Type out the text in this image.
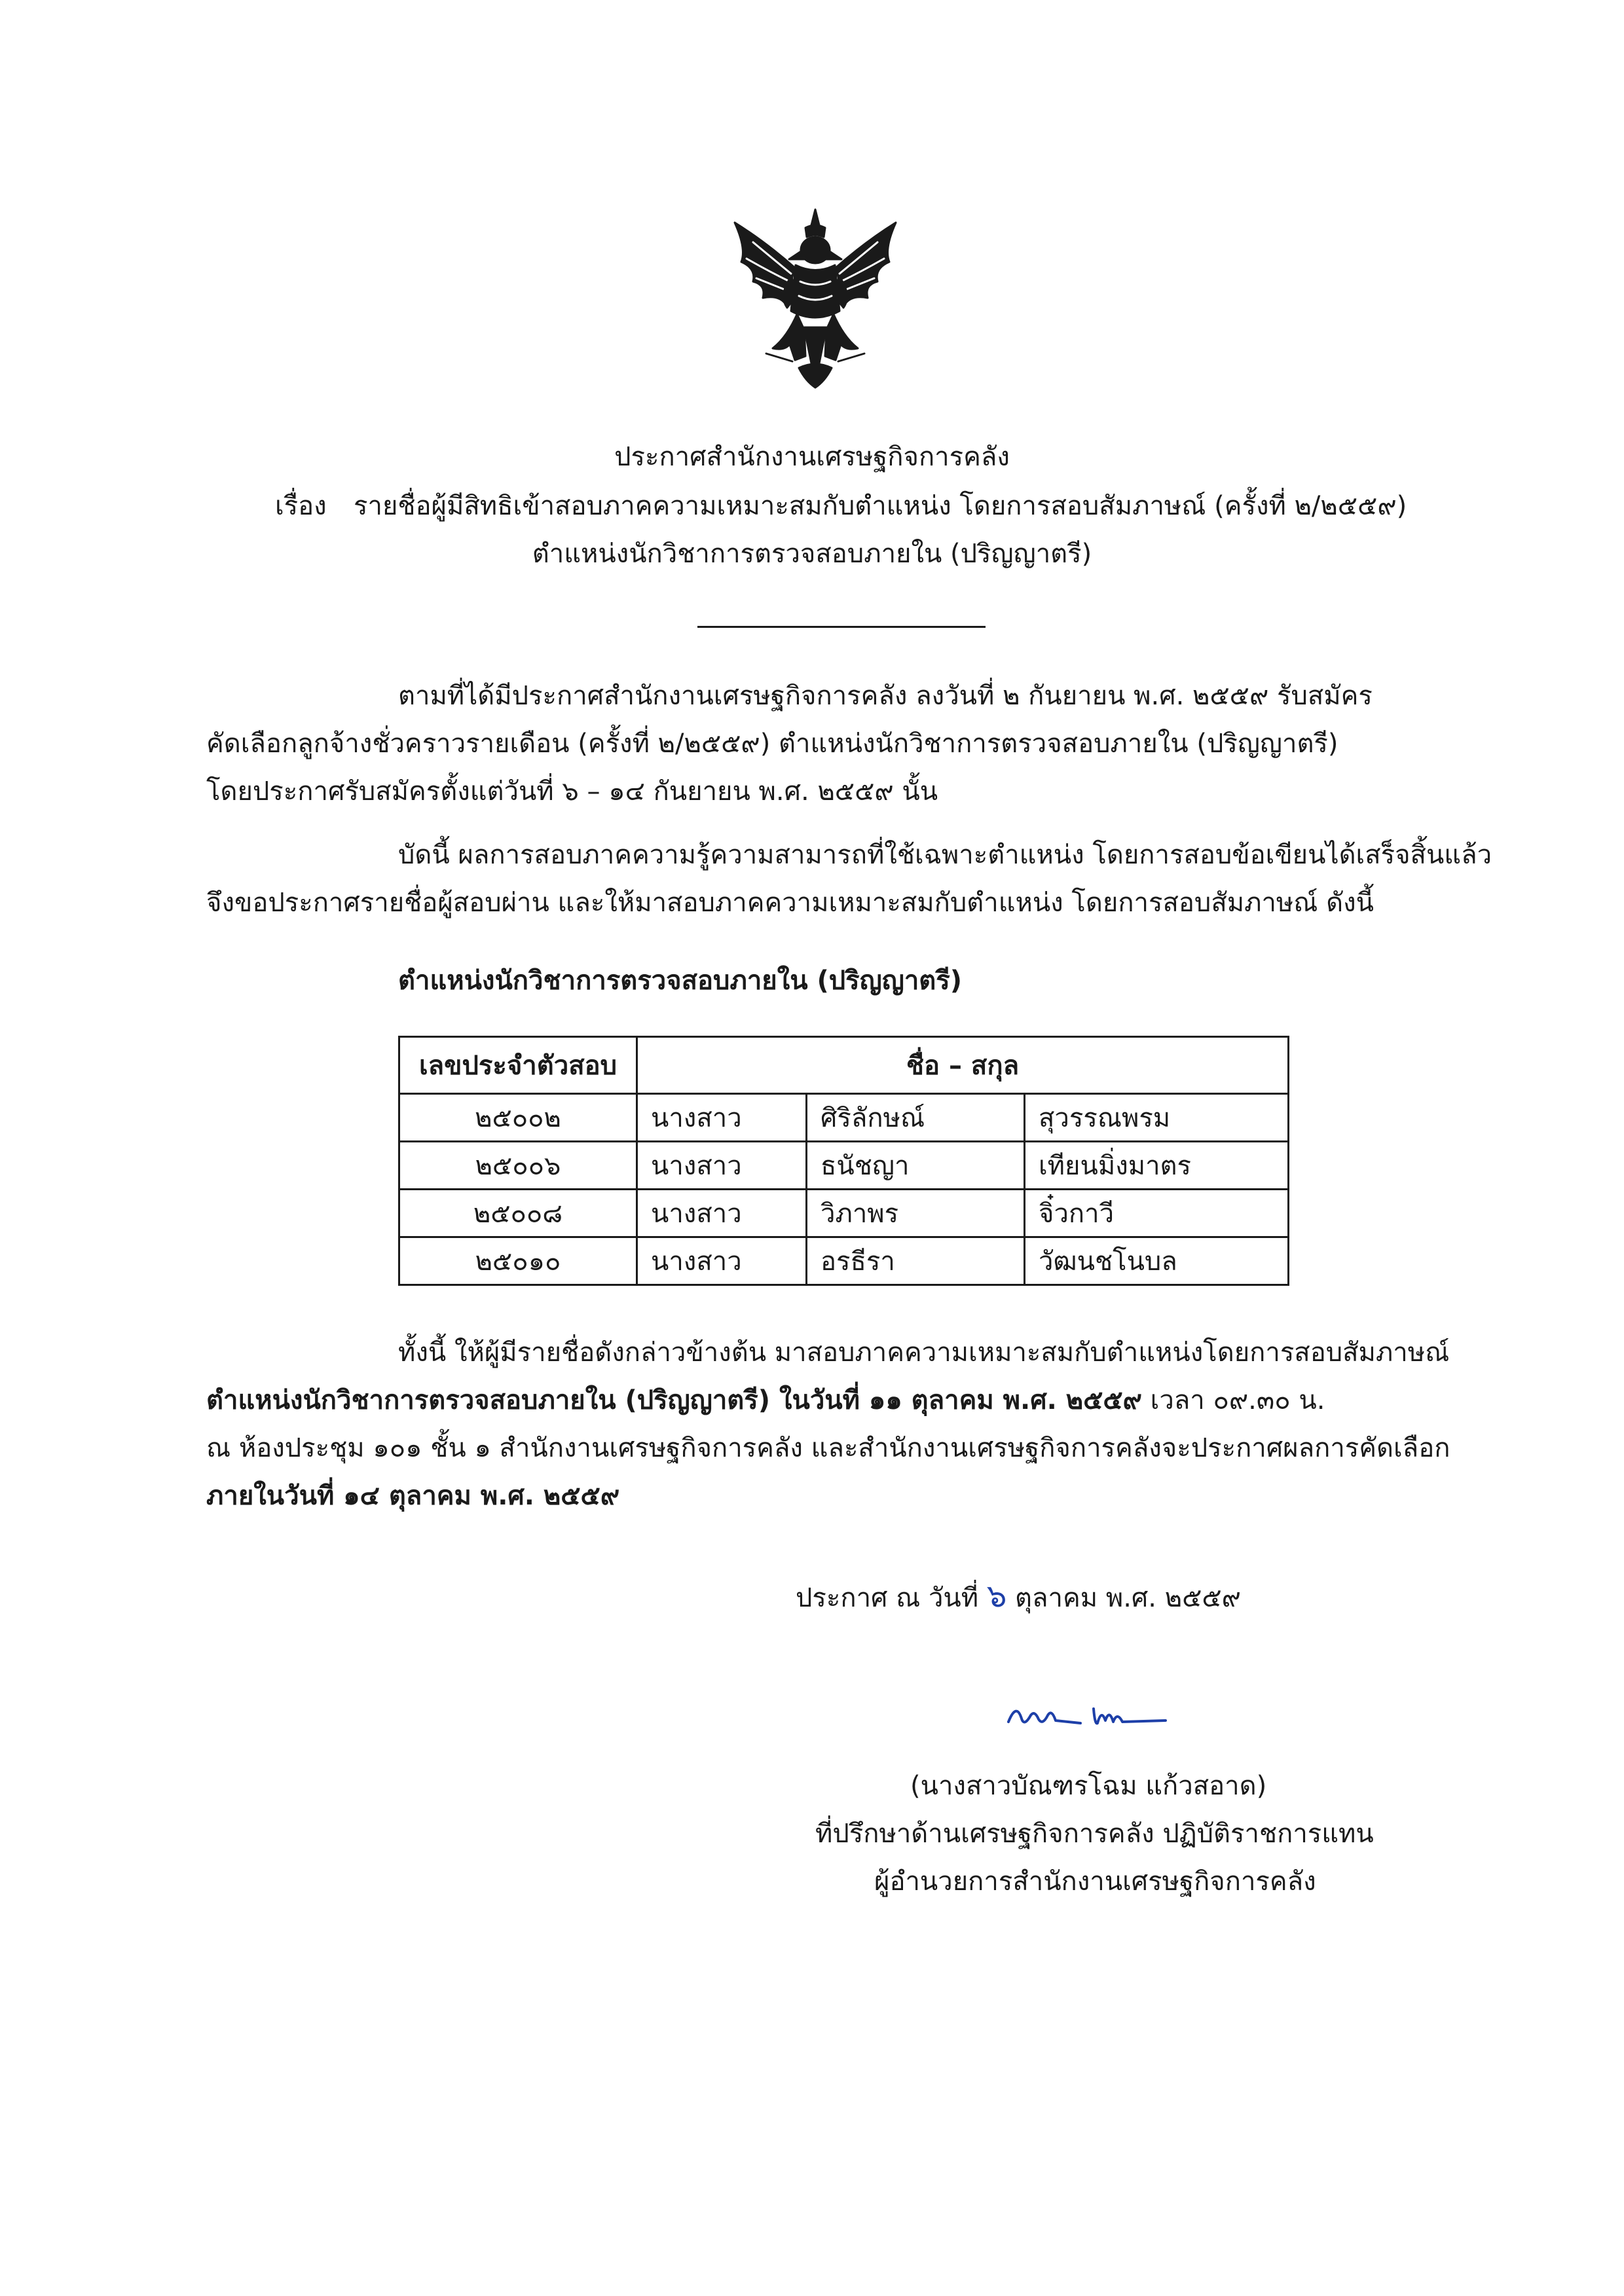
ประกาศสำนักงานเศรษฐกิจการคลัง
เรื่อง รายชื่อผู้มีสิทธิเข้าสอบภาคความเหมาะสมกับตำแหน่ง โดยการสอบสัมภาษณ์ (ครั้งที่ ๒/๒๕๕๙)
ตำแหน่งนักวิชาการตรวจสอบภายใน (ปริญญาตรี)
ตามที่ได้มีประกาศสำนักงานเศรษฐกิจการคลัง ลงวันที่ ๒ กันยายน พ.ศ. ๒๕๕๙ รับสมัคร
คัดเลือกลูกจ้างชั่วคราวรายเดือน (ครั้งที่ ๒/๒๕๕๙) ตำแหน่งนักวิชาการตรวจสอบภายใน (ปริญญาตรี)
โดยประกาศรับสมัครตั้งแต่วันที่ ๖ – ๑๔ กันยายน พ.ศ. ๒๕๕๙ นั้น
บัดนี้ ผลการสอบภาคความรู้ความสามารถที่ใช้เฉพาะตำแหน่ง โดยการสอบข้อเขียนได้เสร็จสิ้นแล้ว
จึงขอประกาศรายชื่อผู้สอบผ่าน และให้มาสอบภาคความเหมาะสมกับตำแหน่ง โดยการสอบสัมภาษณ์ ดังนี้
ตำแหน่งนักวิชาการตรวจสอบภายใน (ปริญญาตรี)
เลขประจำตัวสอบ	ชื่อ – สกุล		
๒๕๐๐๒	นางสาว	ศิริลักษณ์	สุวรรณพรม
๒๕๐๐๖	นางสาว	ธนัชญา	เทียนมิ่งมาตร
๒๕๐๐๘	นางสาว	วิภาพร	จิ๋วกาวี
๒๕๐๑๐	นางสาว	อรธีรา	วัฒนชโนบล
ทั้งนี้ ให้ผู้มีรายชื่อดังกล่าวข้างต้น มาสอบภาคความเหมาะสมกับตำแหน่งโดยการสอบสัมภาษณ์
ตำแหน่งนักวิชาการตรวจสอบภายใน (ปริญญาตรี) ในวันที่ ๑๑ ตุลาคม พ.ศ. ๒๕๕๙ เวลา ๐๙.๓๐ น.
ณ ห้องประชุม ๑๐๑ ชั้น ๑ สำนักงานเศรษฐกิจการคลัง และสำนักงานเศรษฐกิจการคลังจะประกาศผลการคัดเลือก
ภายในวันที่ ๑๔ ตุลาคม พ.ศ. ๒๕๕๙
ประกาศ ณ วันที่ ๖ ตุลาคม พ.ศ. ๒๕๕๙
(นางสาวบัณฑรโฉม แก้วสอาด)
ที่ปรึกษาด้านเศรษฐกิจการคลัง ปฏิบัติราชการแทน
ผู้อำนวยการสำนักงานเศรษฐกิจการคลัง
